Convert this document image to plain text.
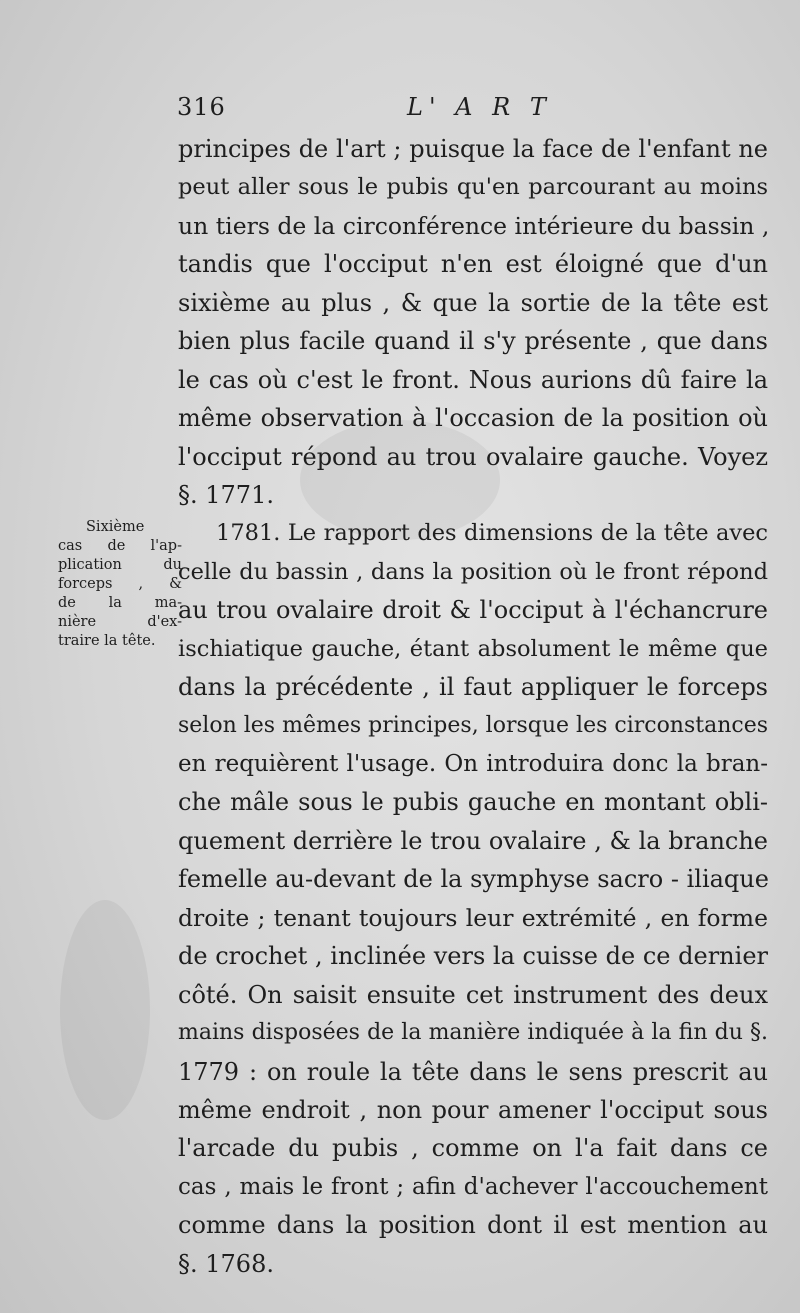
316	L' A R T
Sixième
cas de l'ap-
plication du
forceps , &
de la ma-
nière d'ex-
traire la tête.
principes de l'art ; puisque la face de l'enfant ne
peut aller sous le pubis qu'en parcourant au moins
un tiers de la circonférence intérieure du bassin ,
tandis que l'occiput n'en est éloigné que d'un
sixième au plus , & que la sortie de la tête est
bien plus facile quand il s'y présente , que dans
le cas où c'est le front. Nous aurions dû faire la
même observation à l'occasion de la position où
l'occiput répond au trou ovalaire gauche. Voyez
§. 1771.
1781. Le rapport des dimensions de la tête avec
celle du bassin , dans la position où le front répond
au trou ovalaire droit & l'occiput à l'échancrure
ischiatique gauche, étant absolument le même que
dans la précédente , il faut appliquer le forceps
selon les mêmes principes, lorsque les circonstances
en requièrent l'usage. On introduira donc la bran-
che mâle sous le pubis gauche en montant obli-
quement derrière le trou ovalaire , & la branche
femelle au-devant de la symphyse sacro - iliaque
droite ; tenant toujours leur extrémité , en forme
de crochet , inclinée vers la cuisse de ce dernier
côté. On saisit ensuite cet instrument des deux
mains disposées de la manière indiquée à la fin du §.
1779 : on roule la tête dans le sens prescrit au
même endroit , non pour amener l'occiput sous
l'arcade du pubis , comme on l'a fait dans ce
cas , mais le front ; afin d'achever l'accouchement
comme dans la position dont il est mention au
§. 1768.
